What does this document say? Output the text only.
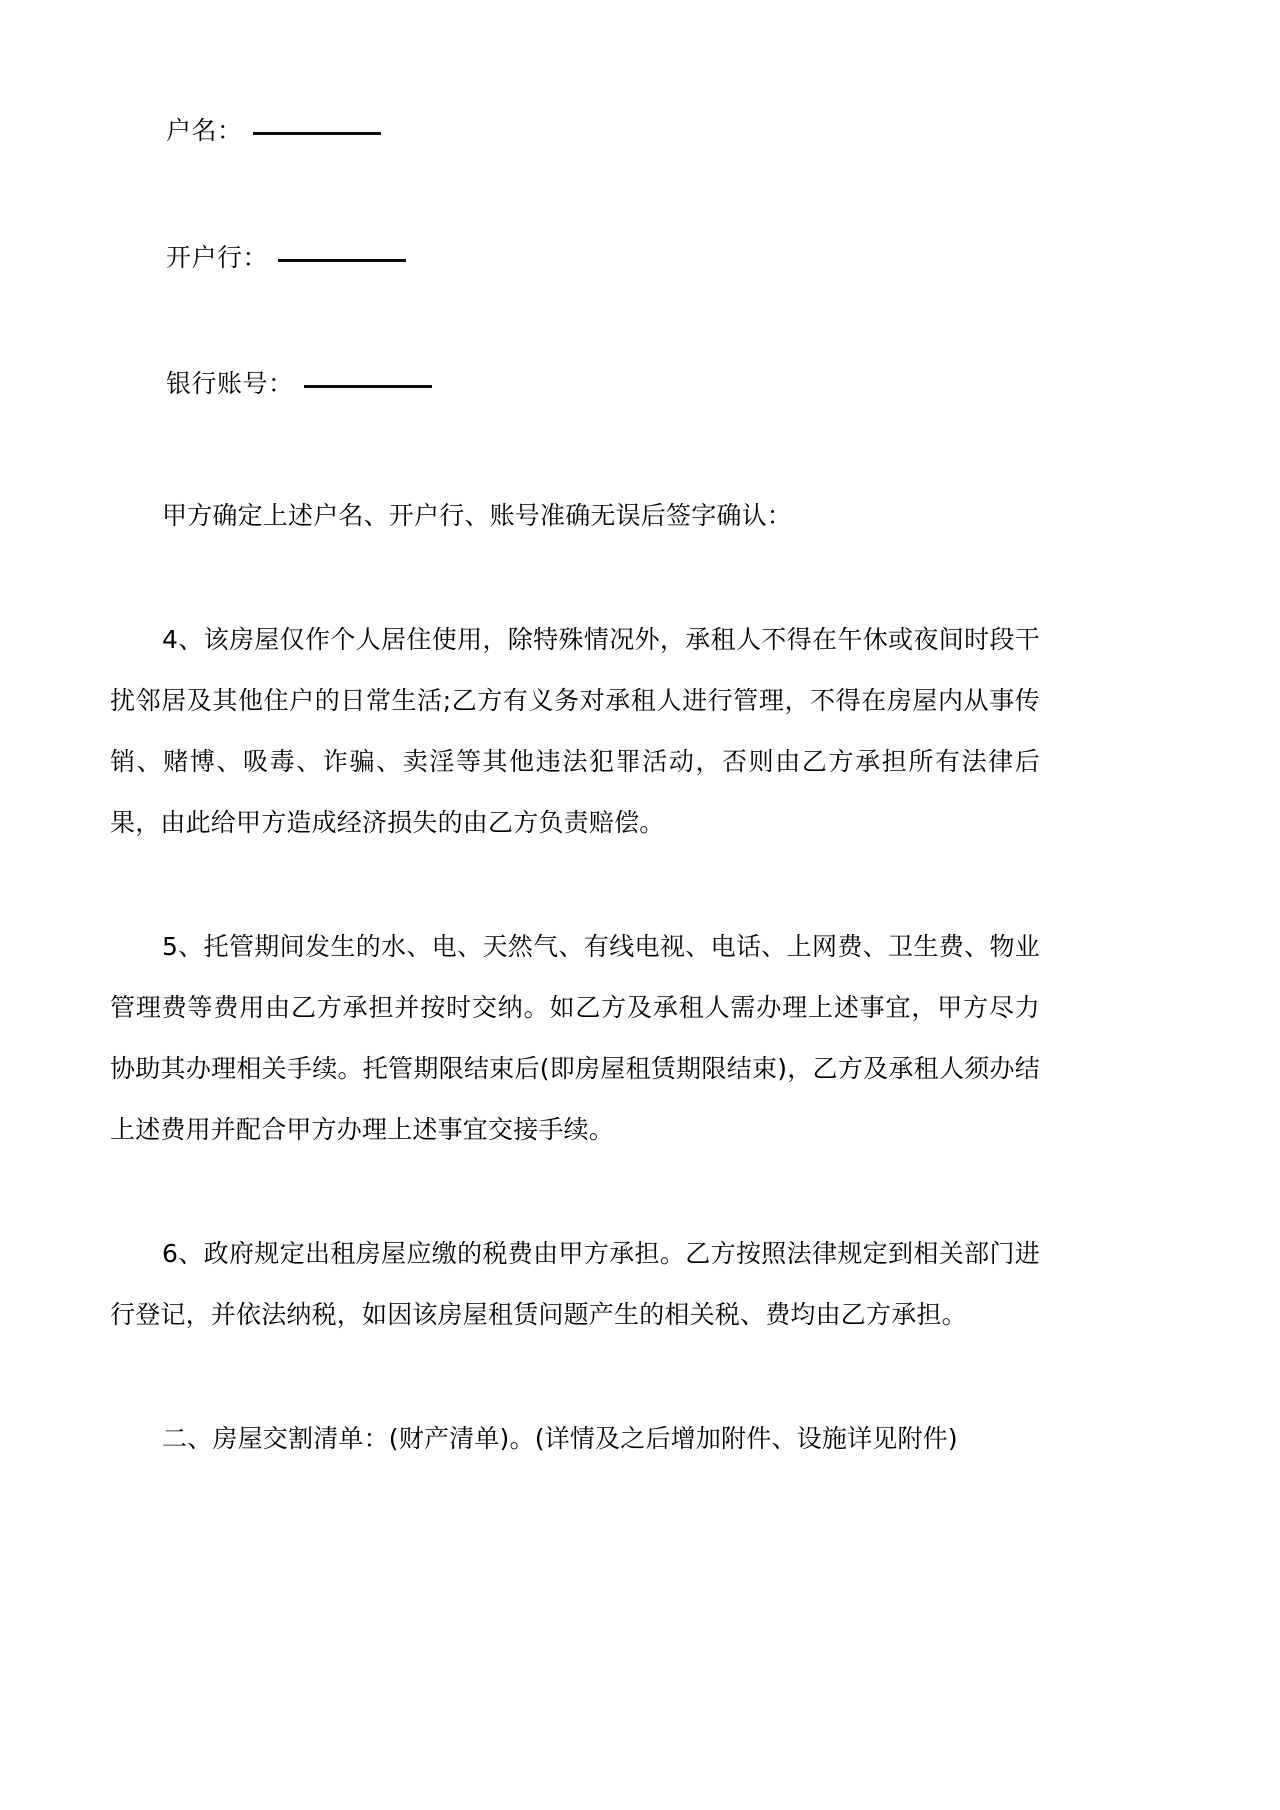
户名：
开户行：
银行账号：

甲方确定上述户名、开户行、账号准确无误后签字确认：

4、该房屋仅作个人居住使用，除特殊情况外，承租人不得在午休或夜间时段干扰邻居及其他住户的日常生活;乙方有义务对承租人进行管理，不得在房屋内从事传销、赌博、吸毒、诈骗、卖淫等其他违法犯罪活动，否则由乙方承担所有法律后果，由此给甲方造成经济损失的由乙方负责赔偿。

5、托管期间发生的水、电、天然气、有线电视、电话、上网费、卫生费、物业管理费等费用由乙方承担并按时交纳。如乙方及承租人需办理上述事宜，甲方尽力协助其办理相关手续。托管期限结束后(即房屋租赁期限结束)，乙方及承租人须办结上述费用并配合甲方办理上述事宜交接手续。

6、政府规定出租房屋应缴的税费由甲方承担。乙方按照法律规定到相关部门进行登记，并依法纳税，如因该房屋租赁问题产生的相关税、费均由乙方承担。

二、房屋交割清单：(财产清单)。(详情及之后增加附件、设施详见附件)
